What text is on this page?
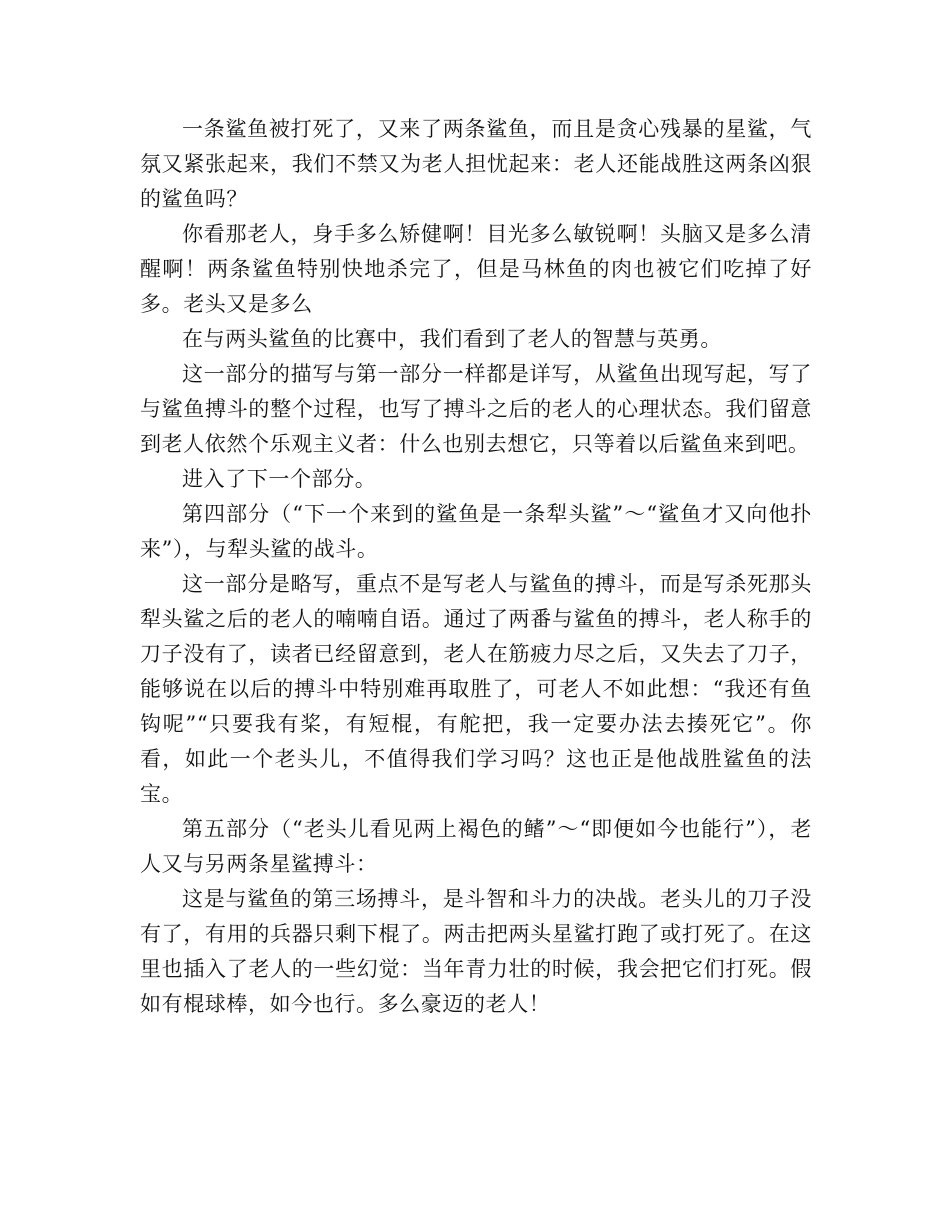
一条鲨鱼被打死了，又来了两条鲨鱼，而且是贪心残暴的星鲨，气氛又紧张起来，我们不禁又为老人担忧起来：老人还能战胜这两条凶狠的鲨鱼吗？

你看那老人，身手多么矫健啊！目光多么敏锐啊！头脑又是多么清醒啊！两条鲨鱼特别快地杀完了，但是马林鱼的肉也被它们吃掉了好多。老头又是多么

在与两头鲨鱼的比赛中，我们看到了老人的智慧与英勇。

这一部分的描写与第一部分一样都是详写，从鲨鱼出现写起，写了与鲨鱼搏斗的整个过程，也写了搏斗之后的老人的心理状态。我们留意到老人依然个乐观主义者：什么也别去想它，只等着以后鲨鱼来到吧。

进入了下一个部分。

第四部分（“下一个来到的鲨鱼是一条犁头鲨”～“鲨鱼才又向他扑来”），与犁头鲨的战斗。

这一部分是略写，重点不是写老人与鲨鱼的搏斗，而是写杀死那头犁头鲨之后的老人的喃喃自语。通过了两番与鲨鱼的搏斗，老人称手的刀子没有了，读者已经留意到，老人在筋疲力尽之后，又失去了刀子，能够说在以后的搏斗中特别难再取胜了，可老人不如此想：“我还有鱼钩呢”“只要我有桨，有短棍，有舵把，我一定要办法去揍死它”。你看，如此一个老头儿，不值得我们学习吗？这也正是他战胜鲨鱼的法宝。

第五部分（“老头儿看见两上褐色的鳍”～“即便如今也能行”），老人又与另两条星鲨搏斗：

这是与鲨鱼的第三场搏斗，是斗智和斗力的决战。老头儿的刀子没有了，有用的兵器只剩下棍了。两击把两头星鲨打跑了或打死了。在这里也插入了老人的一些幻觉：当年青力壮的时候，我会把它们打死。假如有棍球棒，如今也行。多么豪迈的老人！
